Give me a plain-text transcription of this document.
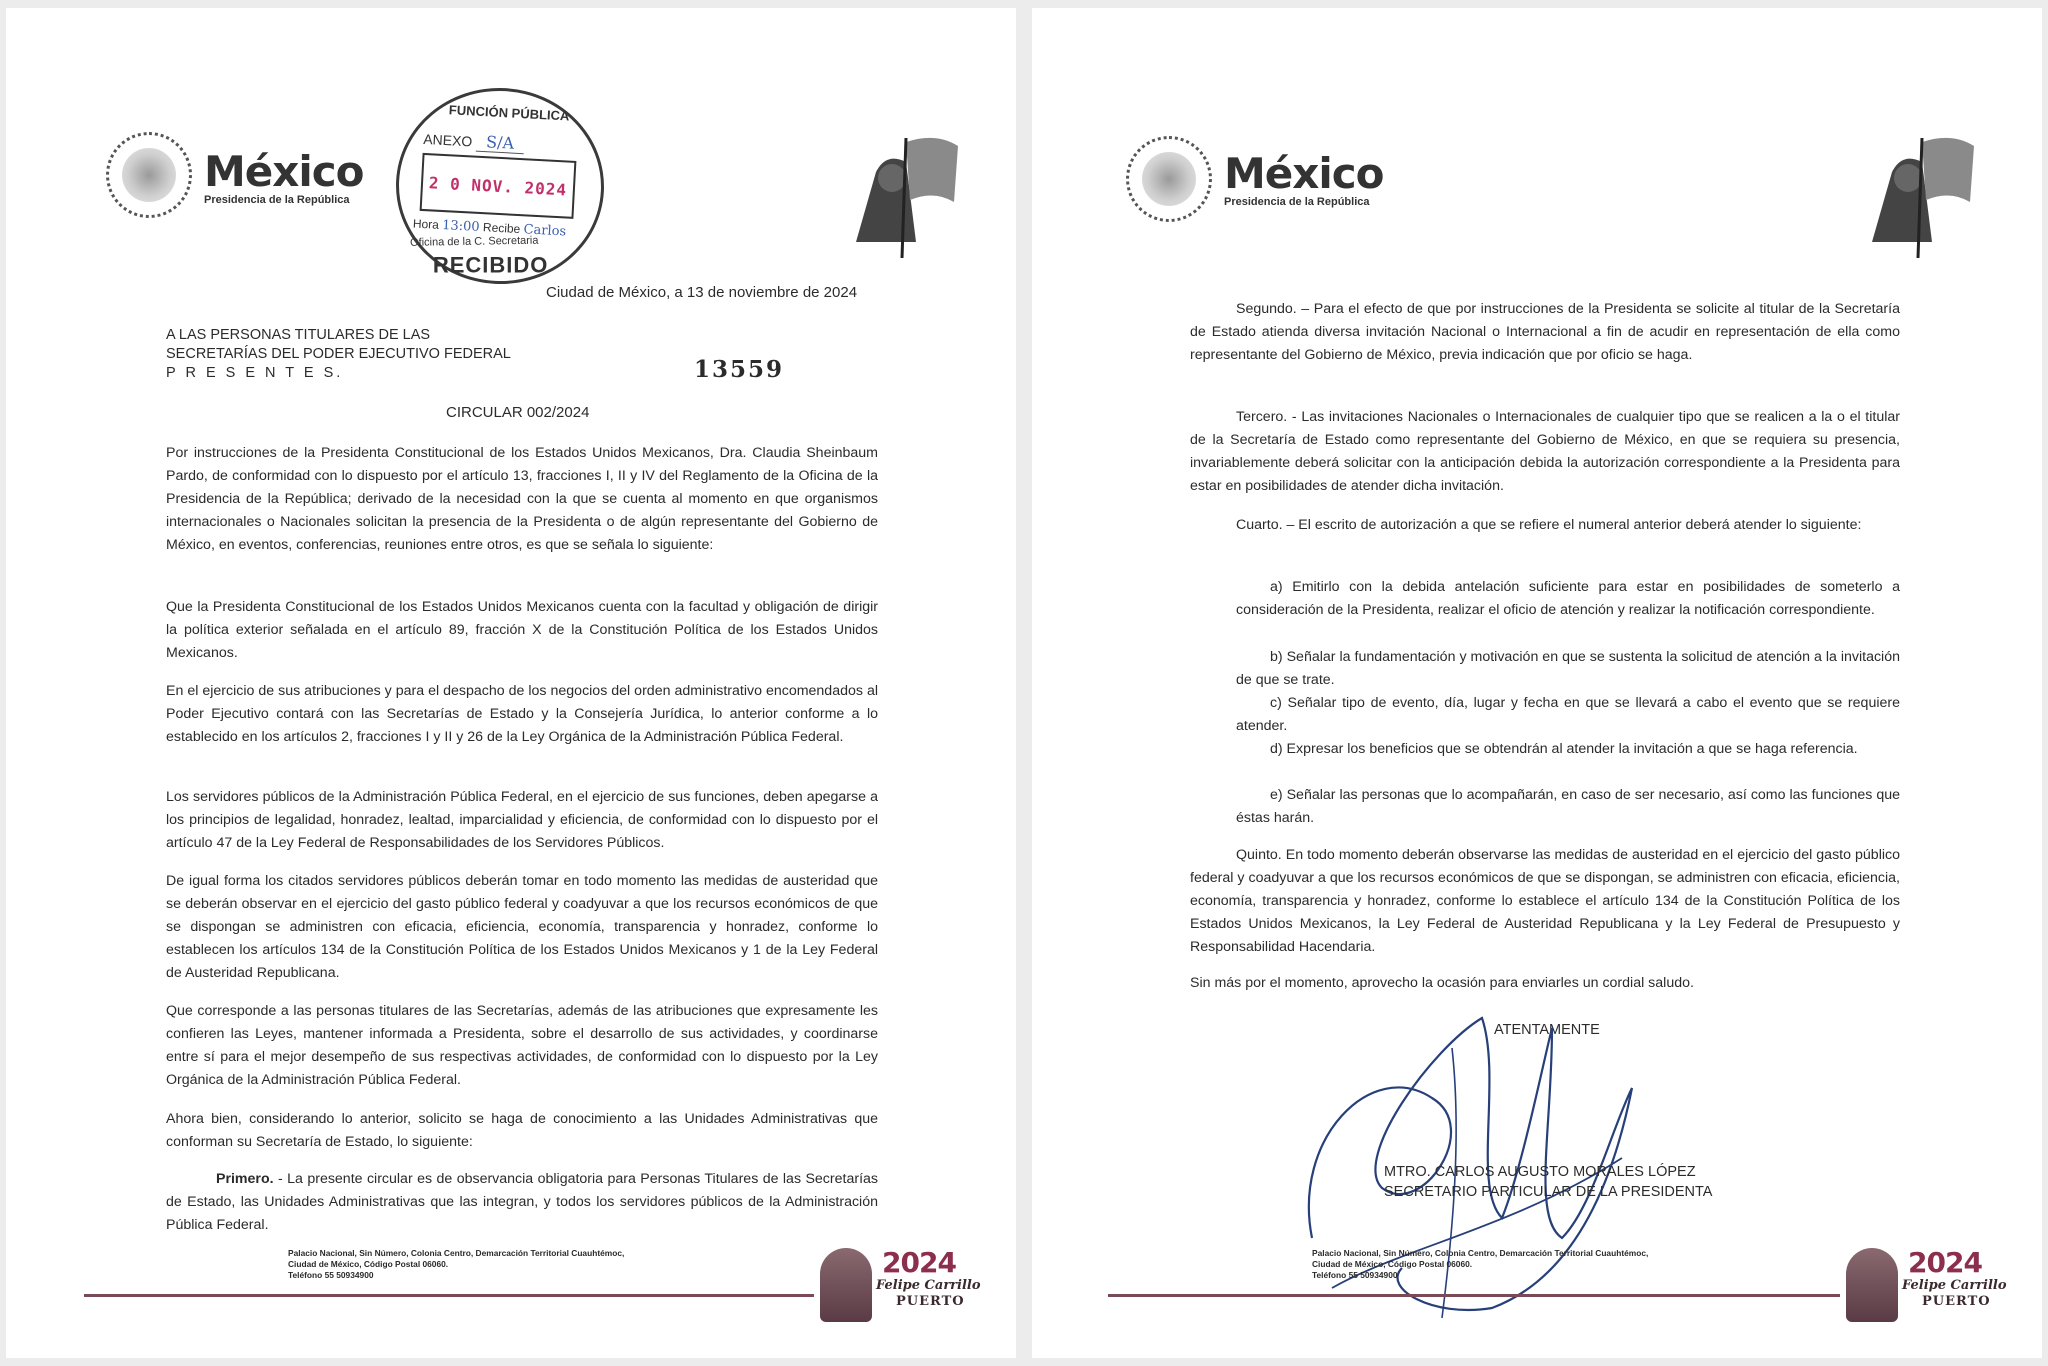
México
Presidencia de la República
FUNCIÓN PÚBLICA
ANEXO S/A
2 0 NOV. 2024
Hora 13:00 Recibe Carlos
Oficina de la C. Secretaria
RECIBIDO
Ciudad de México, a 13 de noviembre de 2024
A LAS PERSONAS TITULARES DE LAS
SECRETARÍAS DEL PODER EJECUTIVO FEDERAL
P R E S E N T E S.	13559
CIRCULAR 002/2024
Por instrucciones de la Presidenta Constitucional de los Estados Unidos Mexicanos, Dra. Claudia Sheinbaum Pardo, de conformidad con lo dispuesto por el artículo 13, fracciones I, II y IV del Reglamento de la Oficina de la Presidencia de la República; derivado de la necesidad con la que se cuenta al momento en que organismos internacionales o Nacionales solicitan la presencia de la Presidenta o de algún representante del Gobierno de México, en eventos, conferencias, reuniones entre otros, es que se señala lo siguiente:
Que la Presidenta Constitucional de los Estados Unidos Mexicanos cuenta con la facultad y obligación de dirigir la política exterior señalada en el artículo 89, fracción X de la Constitución Política de los Estados Unidos Mexicanos.
En el ejercicio de sus atribuciones y para el despacho de los negocios del orden administrativo encomendados al Poder Ejecutivo contará con las Secretarías de Estado y la Consejería Jurídica, lo anterior conforme a lo establecido en los artículos 2, fracciones I y II y 26 de la Ley Orgánica de la Administración Pública Federal.
Los servidores públicos de la Administración Pública Federal, en el ejercicio de sus funciones, deben apegarse a los principios de legalidad, honradez, lealtad, imparcialidad y eficiencia, de conformidad con lo dispuesto por el artículo 47 de la Ley Federal de Responsabilidades de los Servidores Públicos.
De igual forma los citados servidores públicos deberán tomar en todo momento las medidas de austeridad que se deberán observar en el ejercicio del gasto público federal y coadyuvar a que los recursos económicos de que se dispongan se administren con eficacia, eficiencia, economía, transparencia y honradez, conforme lo establecen los artículos 134 de la Constitución Política de los Estados Unidos Mexicanos y 1 de la Ley Federal de Austeridad Republicana.
Que corresponde a las personas titulares de las Secretarías, además de las atribuciones que expresamente les confieren las Leyes, mantener informada a Presidenta, sobre el desarrollo de sus actividades, y coordinarse entre sí para el mejor desempeño de sus respectivas actividades, de conformidad con lo dispuesto por la Ley Orgánica de la Administración Pública Federal.
Ahora bien, considerando lo anterior, solicito se haga de conocimiento a las Unidades Administrativas que conforman su Secretaría de Estado, lo siguiente:
Primero. - La presente circular es de observancia obligatoria para Personas Titulares de las Secretarías de Estado, las Unidades Administrativas que las integran, y todos los servidores públicos de la Administración Pública Federal.
Palacio Nacional, Sin Número, Colonia Centro, Demarcación Territorial Cuauhtémoc,
Ciudad de México, Código Postal 06060.
Teléfono 55 50934900	2024
Felipe Carrillo
PUERTO
México
Presidencia de la República
Segundo. – Para el efecto de que por instrucciones de la Presidenta se solicite al titular de la Secretaría de Estado atienda diversa invitación Nacional o Internacional a fin de acudir en representación de ella como representante del Gobierno de México, previa indicación que por oficio se haga.
Tercero. - Las invitaciones Nacionales o Internacionales de cualquier tipo que se realicen a la o el titular de la Secretaría de Estado como representante del Gobierno de México, en que se requiera su presencia, invariablemente deberá solicitar con la anticipación debida la autorización correspondiente a la Presidenta para estar en posibilidades de atender dicha invitación.
Cuarto. – El escrito de autorización a que se refiere el numeral anterior deberá atender lo siguiente:
a) Emitirlo con la debida antelación suficiente para estar en posibilidades de someterlo a consideración de la Presidenta, realizar el oficio de atención y realizar la notificación correspondiente.
b) Señalar la fundamentación y motivación en que se sustenta la solicitud de atención a la invitación de que se trate.
c) Señalar tipo de evento, día, lugar y fecha en que se llevará a cabo el evento que se requiere atender.
d) Expresar los beneficios que se obtendrán al atender la invitación a que se haga referencia.
e) Señalar las personas que lo acompañarán, en caso de ser necesario, así como las funciones que éstas harán.
Quinto. En todo momento deberán observarse las medidas de austeridad en el ejercicio del gasto público federal y coadyuvar a que los recursos económicos de que se dispongan, se administren con eficacia, eficiencia, economía, transparencia y honradez, conforme lo establece el artículo 134 de la Constitución Política de los Estados Unidos Mexicanos, la Ley Federal de Austeridad Republicana y la Ley Federal de Presupuesto y Responsabilidad Hacendaria.
Sin más por el momento, aprovecho la ocasión para enviarles un cordial saludo.
ATENTAMENTE
MTRO. CARLOS AUGUSTO MORALES LÓPEZ
SECRETARIO PARTICULAR DE LA PRESIDENTA
Palacio Nacional, Sin Número, Colonia Centro, Demarcación Territorial Cuauhtémoc,
Ciudad de México, Código Postal 06060.
Teléfono 55 50934900	2024
Felipe Carrillo
PUERTO
